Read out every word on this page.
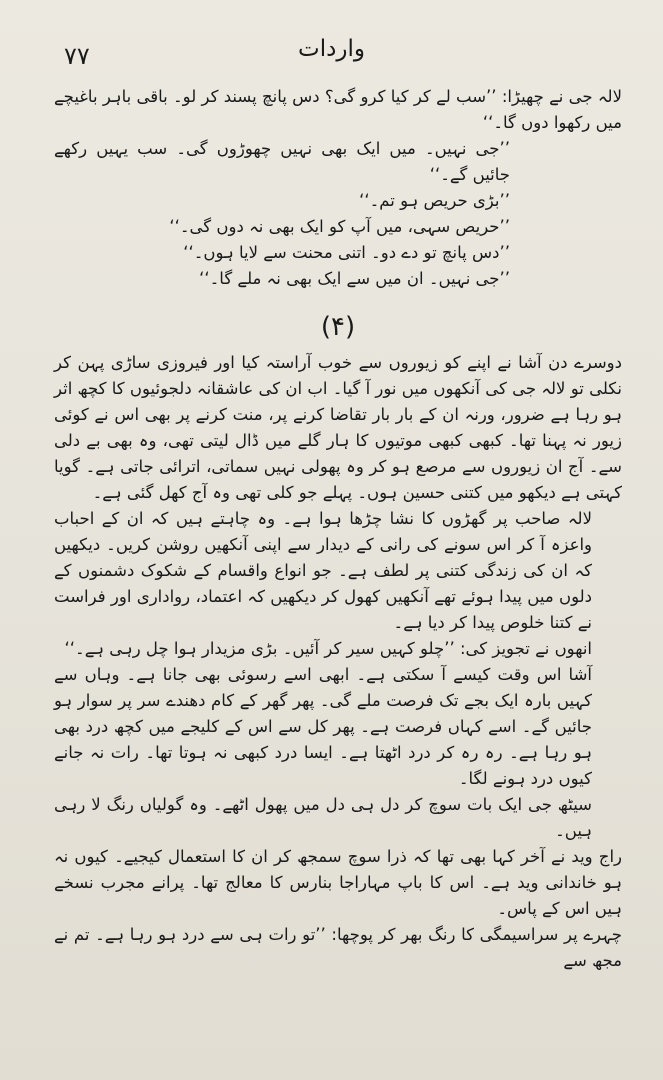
۷۷	واردات

لالہ جی نے چھیڑا: ’’سب لے کر کیا کرو گی؟ دس پانچ پسند کر لو۔ باقی باہر باغیچے میں رکھوا دوں گا۔‘‘

’’جی نہیں۔ میں ایک بھی نہیں چھوڑوں گی۔ سب یہیں رکھے جائیں گے۔‘‘

’’بڑی حریص ہو تم۔‘‘

’’حریص سہی، میں آپ کو ایک بھی نہ دوں گی۔‘‘

’’دس پانچ تو دے دو۔ اتنی محنت سے لایا ہوں۔‘‘

’’جی نہیں۔ ان میں سے ایک بھی نہ ملے گا۔‘‘

(۴)

دوسرے دن آشا نے اپنے کو زیوروں سے خوب آراستہ کیا اور فیروزی ساڑی پہن کر نکلی تو لالہ جی کی آنکھوں میں نور آ گیا۔ اب ان کی عاشقانہ دلجوئیوں کا کچھ اثر ہو رہا ہے ضرور، ورنہ ان کے بار بار تقاضا کرنے پر، منت کرنے پر بھی اس نے کوئی زیور نہ پہنا تھا۔ کبھی کبھی موتیوں کا ہار گلے میں ڈال لیتی تھی، وہ بھی بے دلی سے۔ آج ان زیوروں سے مرصع ہو کر وہ پھولی نہیں سماتی، اترائی جاتی ہے۔ گویا کہتی ہے دیکھو میں کتنی حسین ہوں۔ پہلے جو کلی تھی وہ آج کھل گئی ہے۔

لالہ صاحب پر گھڑوں کا نشا چڑھا ہوا ہے۔ وہ چاہتے ہیں کہ ان کے احباب واعزہ آ کر اس سونے کی رانی کے دیدار سے اپنی آنکھیں روشن کریں۔ دیکھیں کہ ان کی زندگی کتنی پر لطف ہے۔ جو انواع واقسام کے شکوک دشمنوں کے دلوں میں پیدا ہوئے تھے آنکھیں کھول کر دیکھیں کہ اعتماد، رواداری اور فراست نے کتنا خلوص پیدا کر دیا ہے۔

انھوں نے تجویز کی: ’’چلو کہیں سیر کر آئیں۔ بڑی مزیدار ہوا چل رہی ہے۔‘‘

آشا اس وقت کیسے آ سکتی ہے۔ ابھی اسے رسوئی بھی جانا ہے۔ وہاں سے کہیں بارہ ایک بجے تک فرصت ملے گی۔ پھر گھر کے کام دھندے سر پر سوار ہو جائیں گے۔ اسے کہاں فرصت ہے۔ پھر کل سے اس کے کلیجے میں کچھ درد بھی ہو رہا ہے۔ رہ رہ کر درد اٹھتا ہے۔ ایسا درد کبھی نہ ہوتا تھا۔ رات نہ جانے کیوں درد ہونے لگا۔

سیٹھ جی ایک بات سوچ کر دل ہی دل میں پھول اٹھے۔ وہ گولیاں رنگ لا رہی ہیں۔

راج وید نے آخر کہا بھی تھا کہ ذرا سوچ سمجھ کر ان کا استعمال کیجیے۔ کیوں نہ ہو خاندانی وید ہے۔ اس کا باپ مہاراجا بنارس کا معالج تھا۔ پرانے مجرب نسخے ہیں اس کے پاس۔

چہرے پر سراسیمگی کا رنگ بھر کر پوچھا: ’’تو رات ہی سے درد ہو رہا ہے۔ تم نے مجھ سے
